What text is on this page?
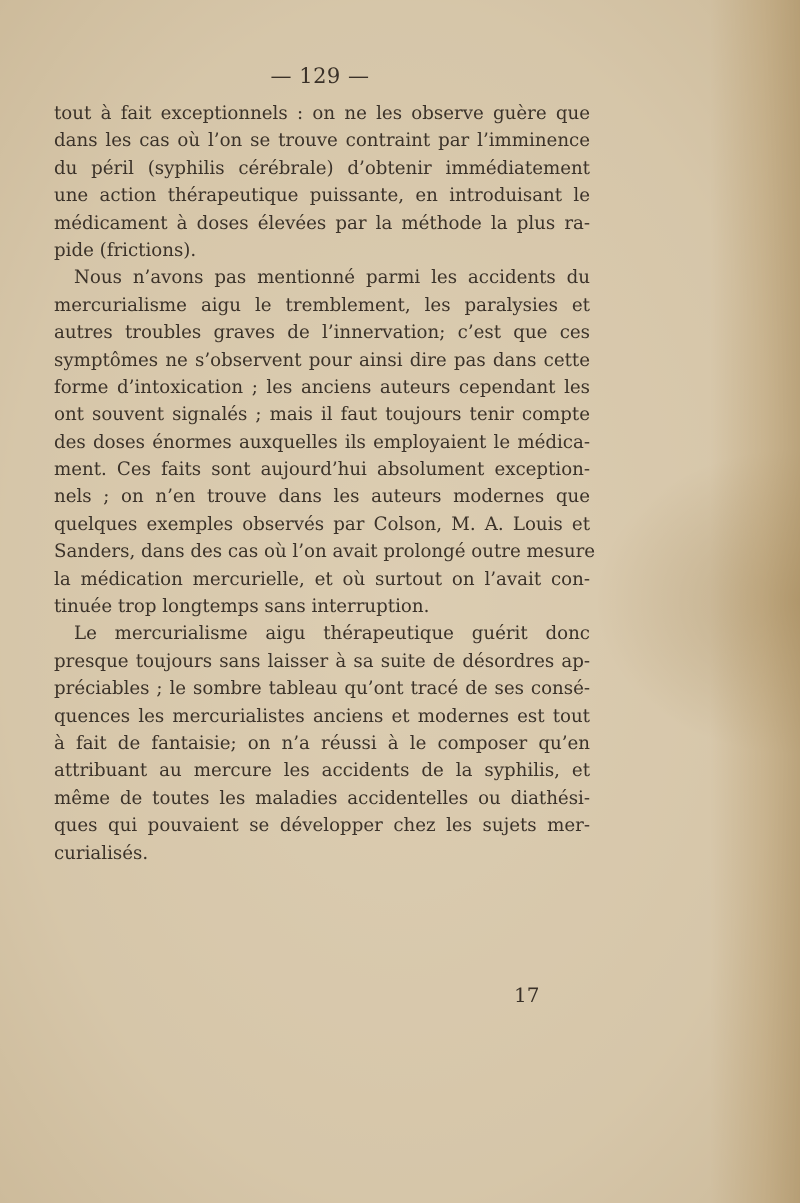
— 129 —
tout à fait exceptionnels : on ne les observe guère que
dans les cas où l’on se trouve contraint par l’imminence
du péril (syphilis cérébrale) d’obtenir immédiatement
une action thérapeutique puissante, en introduisant le
médicament à doses élevées par la méthode la plus ra-
pide (frictions).
Nous n’avons pas mentionné parmi les accidents du
mercurialisme aigu le tremblement, les paralysies et
autres troubles graves de l’innervation; c’est que ces
symptômes ne s’observent pour ainsi dire pas dans cette
forme d’intoxication ; les anciens auteurs cependant les
ont souvent signalés ; mais il faut toujours tenir compte
des doses énormes auxquelles ils employaient le médica-
ment. Ces faits sont aujourd’hui absolument exception-
nels ; on n’en trouve dans les auteurs modernes que
quelques exemples observés par Colson, M. A. Louis et
Sanders, dans des cas où l’on avait prolongé outre mesure
la médication mercurielle, et où surtout on l’avait con-
tinuée trop longtemps sans interruption.
Le mercurialisme aigu thérapeutique guérit donc
presque toujours sans laisser à sa suite de désordres ap-
préciables ; le sombre tableau qu’ont tracé de ses consé-
quences les mercurialistes anciens et modernes est tout
à fait de fantaisie; on n’a réussi à le composer qu’en
attribuant au mercure les accidents de la syphilis, et
même de toutes les maladies accidentelles ou diathési-
ques qui pouvaient se développer chez les sujets mer-
curialisés.
17
